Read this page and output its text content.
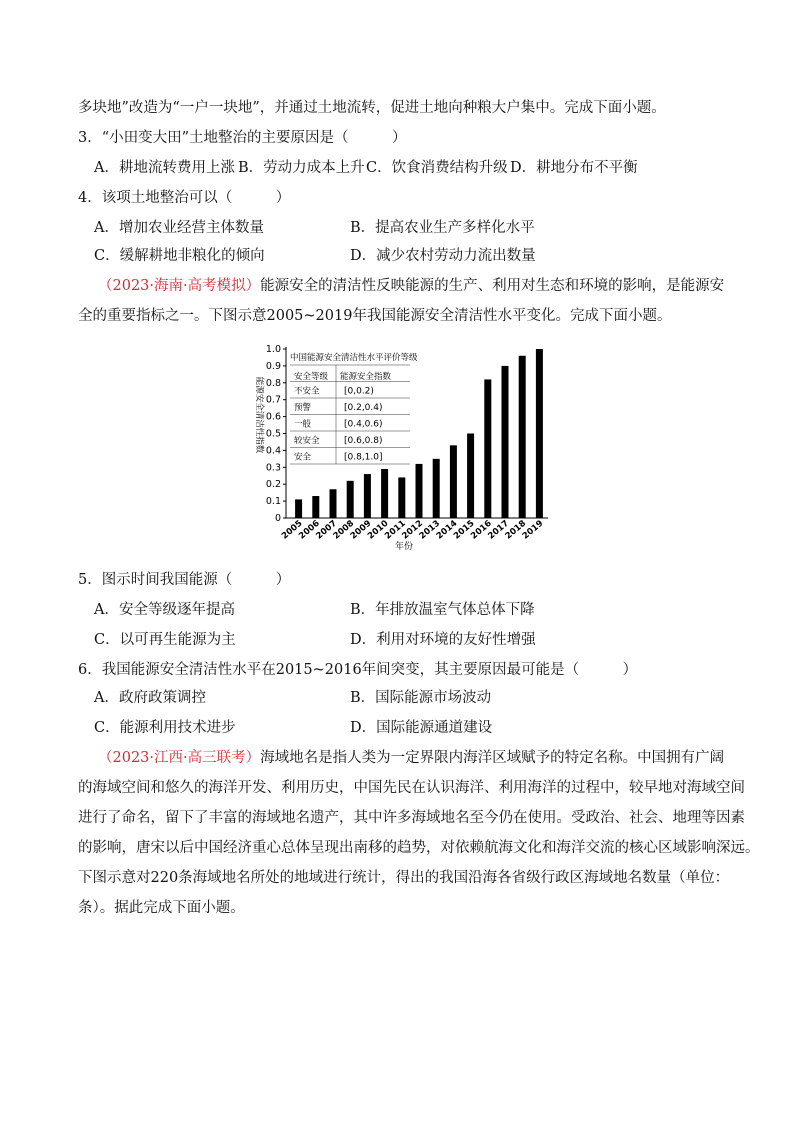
多块地”改造为“一户一块地”，并通过土地流转，促进土地向种粮大户集中。完成下面小题。
3．“小田变大田”土地整治的主要原因是（　　　）
A．耕地流转费用上涨 B．劳动力成本上升 C．饮食消费结构升级 D．耕地分布不平衡
4．该项土地整治可以（　　　）
A．增加农业经营主体数量	B．提高农业生产多样化水平
C．缓解耕地非粮化的倾向	D．减少农村劳动力流出数量
（2023·海南·高考模拟）能源安全的清洁性反映能源的生产、利用对生态和环境的影响，是能源安
全的重要指标之一。下图示意2005~2019年我国能源安全清洁性水平变化。完成下面小题。
0
0.1
0.2
0.3
0.4
0.5
0.6
0.7
0.8
0.9
1.0
2005
2006
2007
2008
2009
2010
2011
2012
2013
2014
2015
2016
2017
2018
2019
能源安全清洁性指数
年份
中国能源安全清洁性水平评价等级
安全等级 能源安全指数
不安全	[0,0.2)
预警	[0.2,0.4)
一般	[0.4,0.6)
较安全	[0.6,0.8)
安全	[0.8,1.0]
5．图示时间我国能源（　　　）
A．安全等级逐年提高	B．年排放温室气体总体下降
C．以可再生能源为主	D．利用对环境的友好性增强
6．我国能源安全清洁性水平在2015~2016年间突变，其主要原因最可能是（　　　）
A．政府政策调控	B．国际能源市场波动
C．能源利用技术进步	D．国际能源通道建设
（2023·江西·高三联考）海域地名是指人类为一定界限内海洋区域赋予的特定名称。中国拥有广阔
的海域空间和悠久的海洋开发、利用历史，中国先民在认识海洋、利用海洋的过程中，较早地对海域空间
进行了命名，留下了丰富的海域地名遗产，其中许多海域地名至今仍在使用。受政治、社会、地理等因素
的影响，唐宋以后中国经济重心总体呈现出南移的趋势，对依赖航海文化和海洋交流的核心区域影响深远。
下图示意对220条海域地名所处的地域进行统计，得出的我国沿海各省级行政区海域地名数量（单位：
条）。据此完成下面小题。
